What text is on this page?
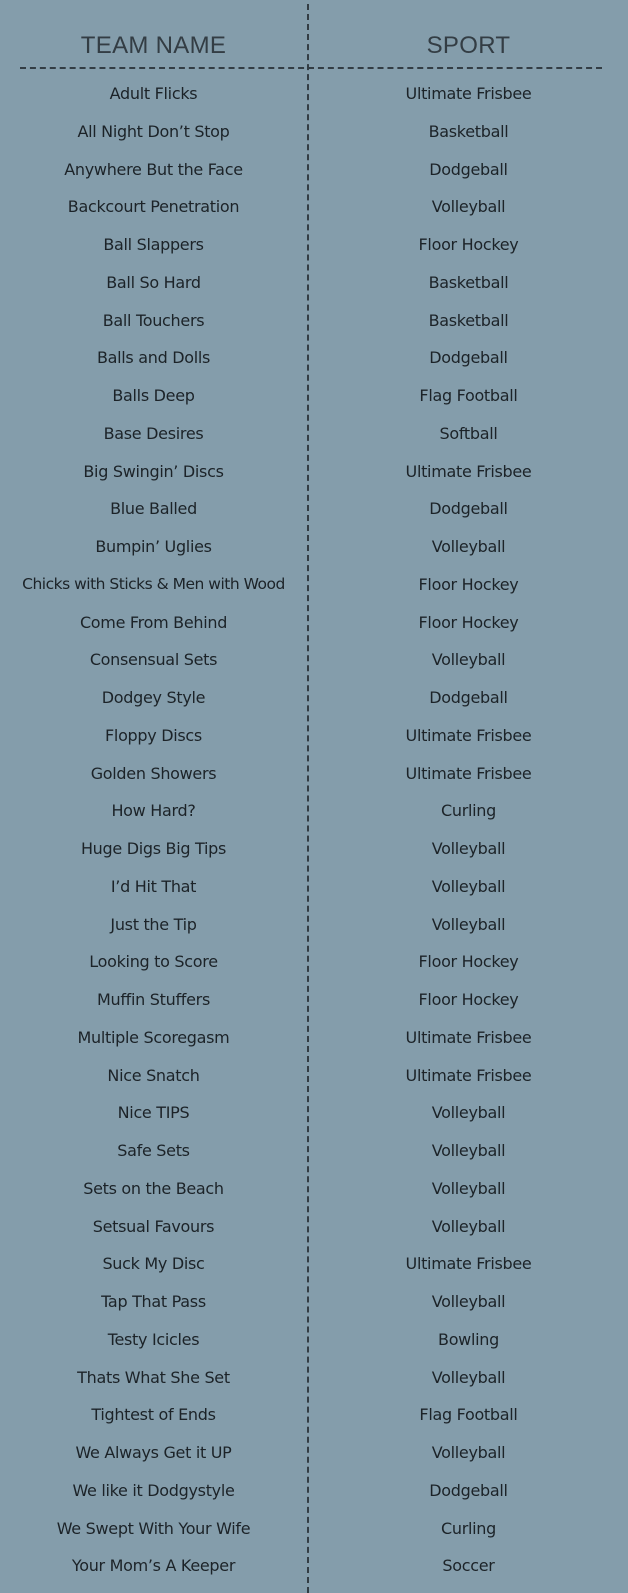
TEAM NAME	SPORT
Adult Flicks	Ultimate Frisbee
All Night Don’t Stop	Basketball
Anywhere But the Face	Dodgeball
Backcourt Penetration	Volleyball
Ball Slappers	Floor Hockey
Ball So Hard	Basketball
Ball Touchers	Basketball
Balls and Dolls	Dodgeball
Balls Deep	Flag Football
Base Desires	Softball
Big Swingin’ Discs	Ultimate Frisbee
Blue Balled	Dodgeball
Bumpin’ Uglies	Volleyball
Chicks with Sticks & Men with Wood	Floor Hockey
Come From Behind	Floor Hockey
Consensual Sets	Volleyball
Dodgey Style	Dodgeball
Floppy Discs	Ultimate Frisbee
Golden Showers	Ultimate Frisbee
How Hard?	Curling
Huge Digs Big Tips	Volleyball
I’d Hit That	Volleyball
Just the Tip	Volleyball
Looking to Score	Floor Hockey
Muffin Stuffers	Floor Hockey
Multiple Scoregasm	Ultimate Frisbee
Nice Snatch	Ultimate Frisbee
Nice TIPS	Volleyball
Safe Sets	Volleyball
Sets on the Beach	Volleyball
Setsual Favours	Volleyball
Suck My Disc	Ultimate Frisbee
Tap That Pass	Volleyball
Testy Icicles	Bowling
Thats What She Set	Volleyball
Tightest of Ends	Flag Football
We Always Get it UP	Volleyball
We like it Dodgystyle	Dodgeball
We Swept With Your Wife	Curling
Your Mom’s A Keeper	Soccer
